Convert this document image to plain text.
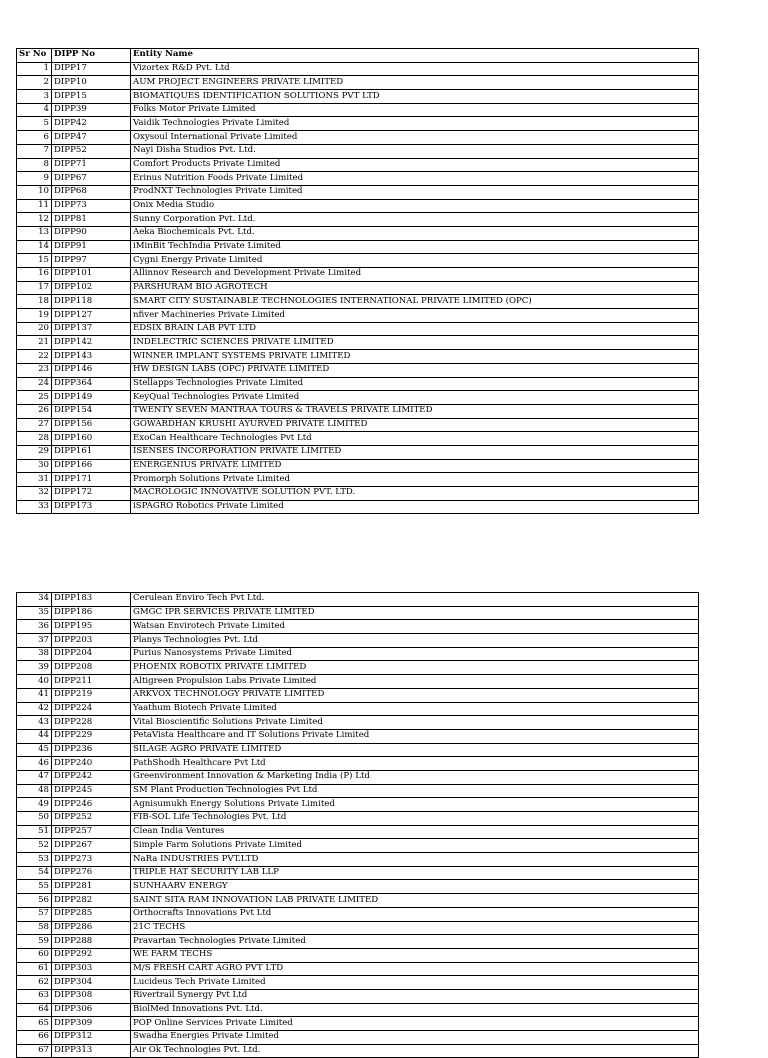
Sr No	DIPP No	Entity Name
1	DIPP17	Vizortex R&D Pvt. Ltd
2	DIPP10	AUM PROJECT ENGINEERS PRIVATE LIMITED
3	DIPP15	BIOMATIQUES IDENTIFICATION SOLUTIONS PVT LTD
4	DIPP39	Folks Motor Private Limited
5	DIPP42	Vaidik Technologies Private Limited
6	DIPP47	Oxysoul International Private Limited
7	DIPP52	Nayi Disha Studios Pvt. Ltd.
8	DIPP71	Comfort Products Private Limited
9	DIPP67	Erinus Nutrition Foods Private Limited
10	DIPP68	ProdNXT Technologies Private Limited
11	DIPP73	Onix Media Studio
12	DIPP81	Sunny Corporation Pvt. Ltd.
13	DIPP90	Aeka Biochemicals Pvt. Ltd.
14	DIPP91	iMinBit TechIndia Private Limited
15	DIPP97	Cygni Energy Private Limited
16	DIPP101	Allinnov Research and Development Private Limited
17	DIPP102	PARSHURAM BIO AGROTECH
18	DIPP118	SMART CITY SUSTAINABLE TECHNOLOGIES INTERNATIONAL PRIVATE LIMITED (OPC)
19	DIPP127	nfiver Machineries Private Limited
20	DIPP137	EDSIX BRAIN LAB PVT LTD
21	DIPP142	INDELECTRIC SCIENCES PRIVATE LIMITED
22	DIPP143	WINNER IMPLANT SYSTEMS PRIVATE LIMITED
23	DIPP146	HW DESIGN LABS (OPC) PRIVATE LIMITED
24	DIPP364	Stellapps Technologies Private Limited
25	DIPP149	KeyQual Technologies Private Limited
26	DIPP154	TWENTY SEVEN MANTRAA TOURS & TRAVELS PRIVATE LIMITED
27	DIPP156	GOWARDHAN KRUSHI AYURVED PRIVATE LIMITED
28	DIPP160	ExoCan Healthcare Technologies Pvt Ltd
29	DIPP161	ISENSES INCORPORATION PRIVATE LIMITED
30	DIPP166	ENERGENIUS PRIVATE LIMITED
31	DIPP171	Promorph Solutions Private Limited
32	DIPP172	MACROLOGIC INNOVATIVE SOLUTION PVT. LTD.
33	DIPP173	iSPAGRO Robotics Private Limited
34	DIPP183	Cerulean Enviro Tech Pvt Ltd.
35	DIPP186	GMGC IPR SERVICES PRIVATE LIMITED
36	DIPP195	Watsan Envirotech Private Limited
37	DIPP203	Planys Technologies Pvt. Ltd
38	DIPP204	Purius Nanosystems Private Limited
39	DIPP208	PHOENIX ROBOTIX PRIVATE LIMITED
40	DIPP211	Altigreen Propulsion Labs Private Limited
41	DIPP219	ARKVOX TECHNOLOGY PRIVATE LIMITED
42	DIPP224	Yaathum Biotech Private Limited
43	DIPP228	Vital Bioscientific Solutions Private Limited
44	DIPP229	PetaVista Healthcare and IT Solutions Private Limited
45	DIPP236	SILAGE AGRO PRIVATE LIMITED
46	DIPP240	PathShodh Healthcare Pvt Ltd
47	DIPP242	Greenvironment Innovation & Marketing India (P) Ltd
48	DIPP245	SM Plant Production Technologies Pvt Ltd
49	DIPP246	Agnisumukh Energy Solutions Private Limited
50	DIPP252	FIB-SOL Life Technologies Pvt. Ltd
51	DIPP257	Clean India Ventures
52	DIPP267	Simple Farm Solutions Private Limited
53	DIPP273	NaRa INDUSTRIES PVT.LTD
54	DIPP276	TRIPLE HAT SECURITY LAB LLP
55	DIPP281	SUNHAARV ENERGY
56	DIPP282	SAINT SITA RAM INNOVATION LAB PRIVATE LIMITED
57	DIPP285	Orthocrafts Innovations Pvt Ltd
58	DIPP286	21C TECHS
59	DIPP288	Pravartan Technologies Private Limited
60	DIPP292	WE FARM TECHS
61	DIPP303	M/S FRESH CART AGRO PVT LTD
62	DIPP304	Lucideus Tech Private Limited
63	DIPP308	Rivertrail Synergy Pvt Ltd
64	DIPP306	BiolMed Innovations Pvt. Ltd.
65	DIPP309	POP Online Services Private Limited
66	DIPP312	Swadha Energies Private Limited
67	DIPP313	Air Ok Technologies Pvt. Ltd.
